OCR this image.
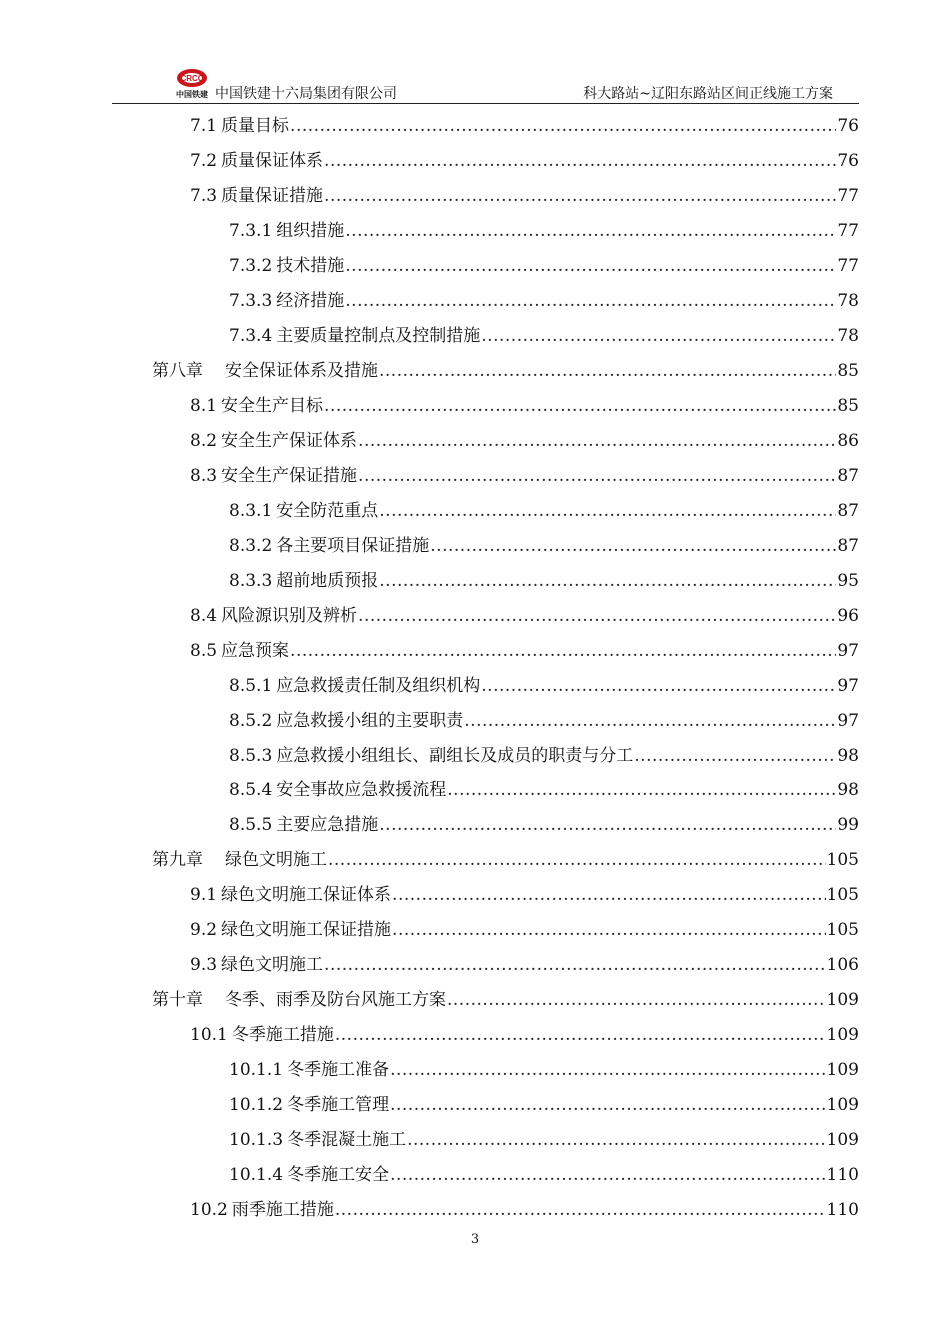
CRCC
中国铁建 中国铁建十六局集团有限公司	科大路站~辽阳东路站区间正线施工方案
7.1 质量目标 .....	76
7.2 质量保证体系 .....	76
7.3 质量保证措施 .....	77
7.3.1 组织措施 .....	77
7.3.2 技术措施 .....	77
7.3.3 经济措施 .....	78
7.3.4 主要质量控制点及控制措施 .....	78
第八章 安全保证体系及措施 .....	85
8.1 安全生产目标 .....	85
8.2 安全生产保证体系 .....	86
8.3 安全生产保证措施 .....	87
8.3.1 安全防范重点 .....	87
8.3.2 各主要项目保证措施 .....	87
8.3.3 超前地质预报 .....	95
8.4 风险源识别及辨析 .....	96
8.5 应急预案 .....	97
8.5.1 应急救援责任制及组织机构 .....	97
8.5.2 应急救援小组的主要职责 .....	97
8.5.3 应急救援小组组长、副组长及成员的职责与分工 .....	98
8.5.4 安全事故应急救援流程 .....	98
8.5.5 主要应急措施 .....	99
第九章 绿色文明施工 .....	105
9.1 绿色文明施工保证体系 .....	105
9.2 绿色文明施工保证措施 .....	105
9.3 绿色文明施工 .....	106
第十章 冬季、雨季及防台风施工方案 .....	109
10.1 冬季施工措施 .....	109
10.1.1 冬季施工准备 .....	109
10.1.2 冬季施工管理 .....	109
10.1.3 冬季混凝土施工 .....	109
10.1.4 冬季施工安全 .....	110
10.2 雨季施工措施 .....	110
3
